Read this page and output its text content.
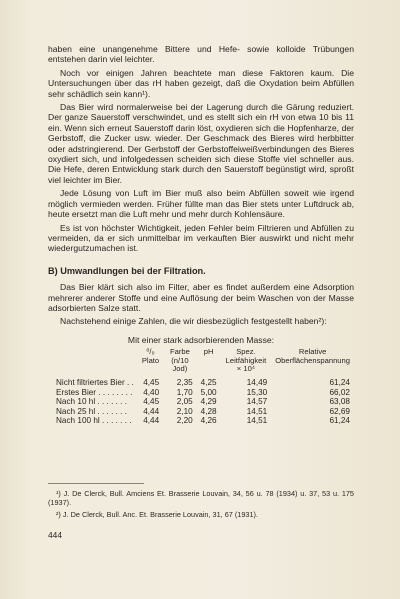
haben eine unangenehme Bittere und Hefe- sowie kolloide Trübungen entstehen darin viel leichter.

Noch vor einigen Jahren beachtete man diese Faktoren kaum. Die Untersuchungen über das rH haben gezeigt, daß die Oxydation beim Abfüllen sehr schädlich sein kann¹).

Das Bier wird normalerweise bei der Lagerung durch die Gärung reduziert. Der ganze Sauerstoff verschwindet, und es stellt sich ein rH von etwa 10 bis 11 ein. Wenn sich erneut Sauerstoff darin löst, oxydieren sich die Hopfenharze, der Gerbstoff, die Zucker usw. wieder. Der Geschmack des Bieres wird herbbitter oder adstringierend. Der Gerbstoff der Gerbstoffeiweißverbindungen des Bieres oxydiert sich, und infolgedessen scheiden sich diese Stoffe viel schneller aus. Die Hefe, deren Entwicklung stark durch den Sauerstoff begünstigt wird, sproßt viel leichter im Bier.

Jede Lösung von Luft im Bier muß also beim Abfüllen soweit wie irgend möglich vermieden werden. Früher füllte man das Bier stets unter Luftdruck ab, heute ersetzt man die Luft mehr und mehr durch Kohlensäure.

Es ist von höchster Wichtigkeit, jeden Fehler beim Filtrieren und Abfüllen zu vermeiden, da er sich unmittelbar im verkauften Bier auswirkt und nicht mehr wiedergutzumachen ist.

B) Umwandlungen bei der Filtration.

Das Bier klärt sich also im Filter, aber es findet außerdem eine Adsorption mehrerer anderer Stoffe und eine Auflösung der beim Waschen von der Masse adsorbierten Salze statt.

Nachstehend einige Zahlen, die wir diesbezüglich festgestellt haben²):

Mit einer stark adsorbierenden Masse:

	⁰/₀ Plato	Farbe (n/10 Jod)	pH	Spez. Leitfähigkeit × 10⁴	Relative Oberflächenspannung
Nicht filtriertes Bier . .	4,45	2,35	4,25	14,49	61,24
Erstes Bier . . . . . . . .	4,40	1,70	5,00	15,30	66,02
Nach 10 hl . . . . . . .	4,45	2,05	4,29	14,57	63,08
Nach 25 hl . . . . . . .	4,44	2,10	4,28	14,51	62,69
Nach 100 hl . . . . . . .	4,44	2,20	4,26	14,51	61,24

¹) J. De Clerck, Bull. Amciens Et. Brasserie Louvain, 34, 56 u. 78 (1934) u. 37, 53 u. 175 (1937).

²) J. De Clerck, Bull. Anc. Et. Brasserie Louvain, 31, 67 (1931).

444
